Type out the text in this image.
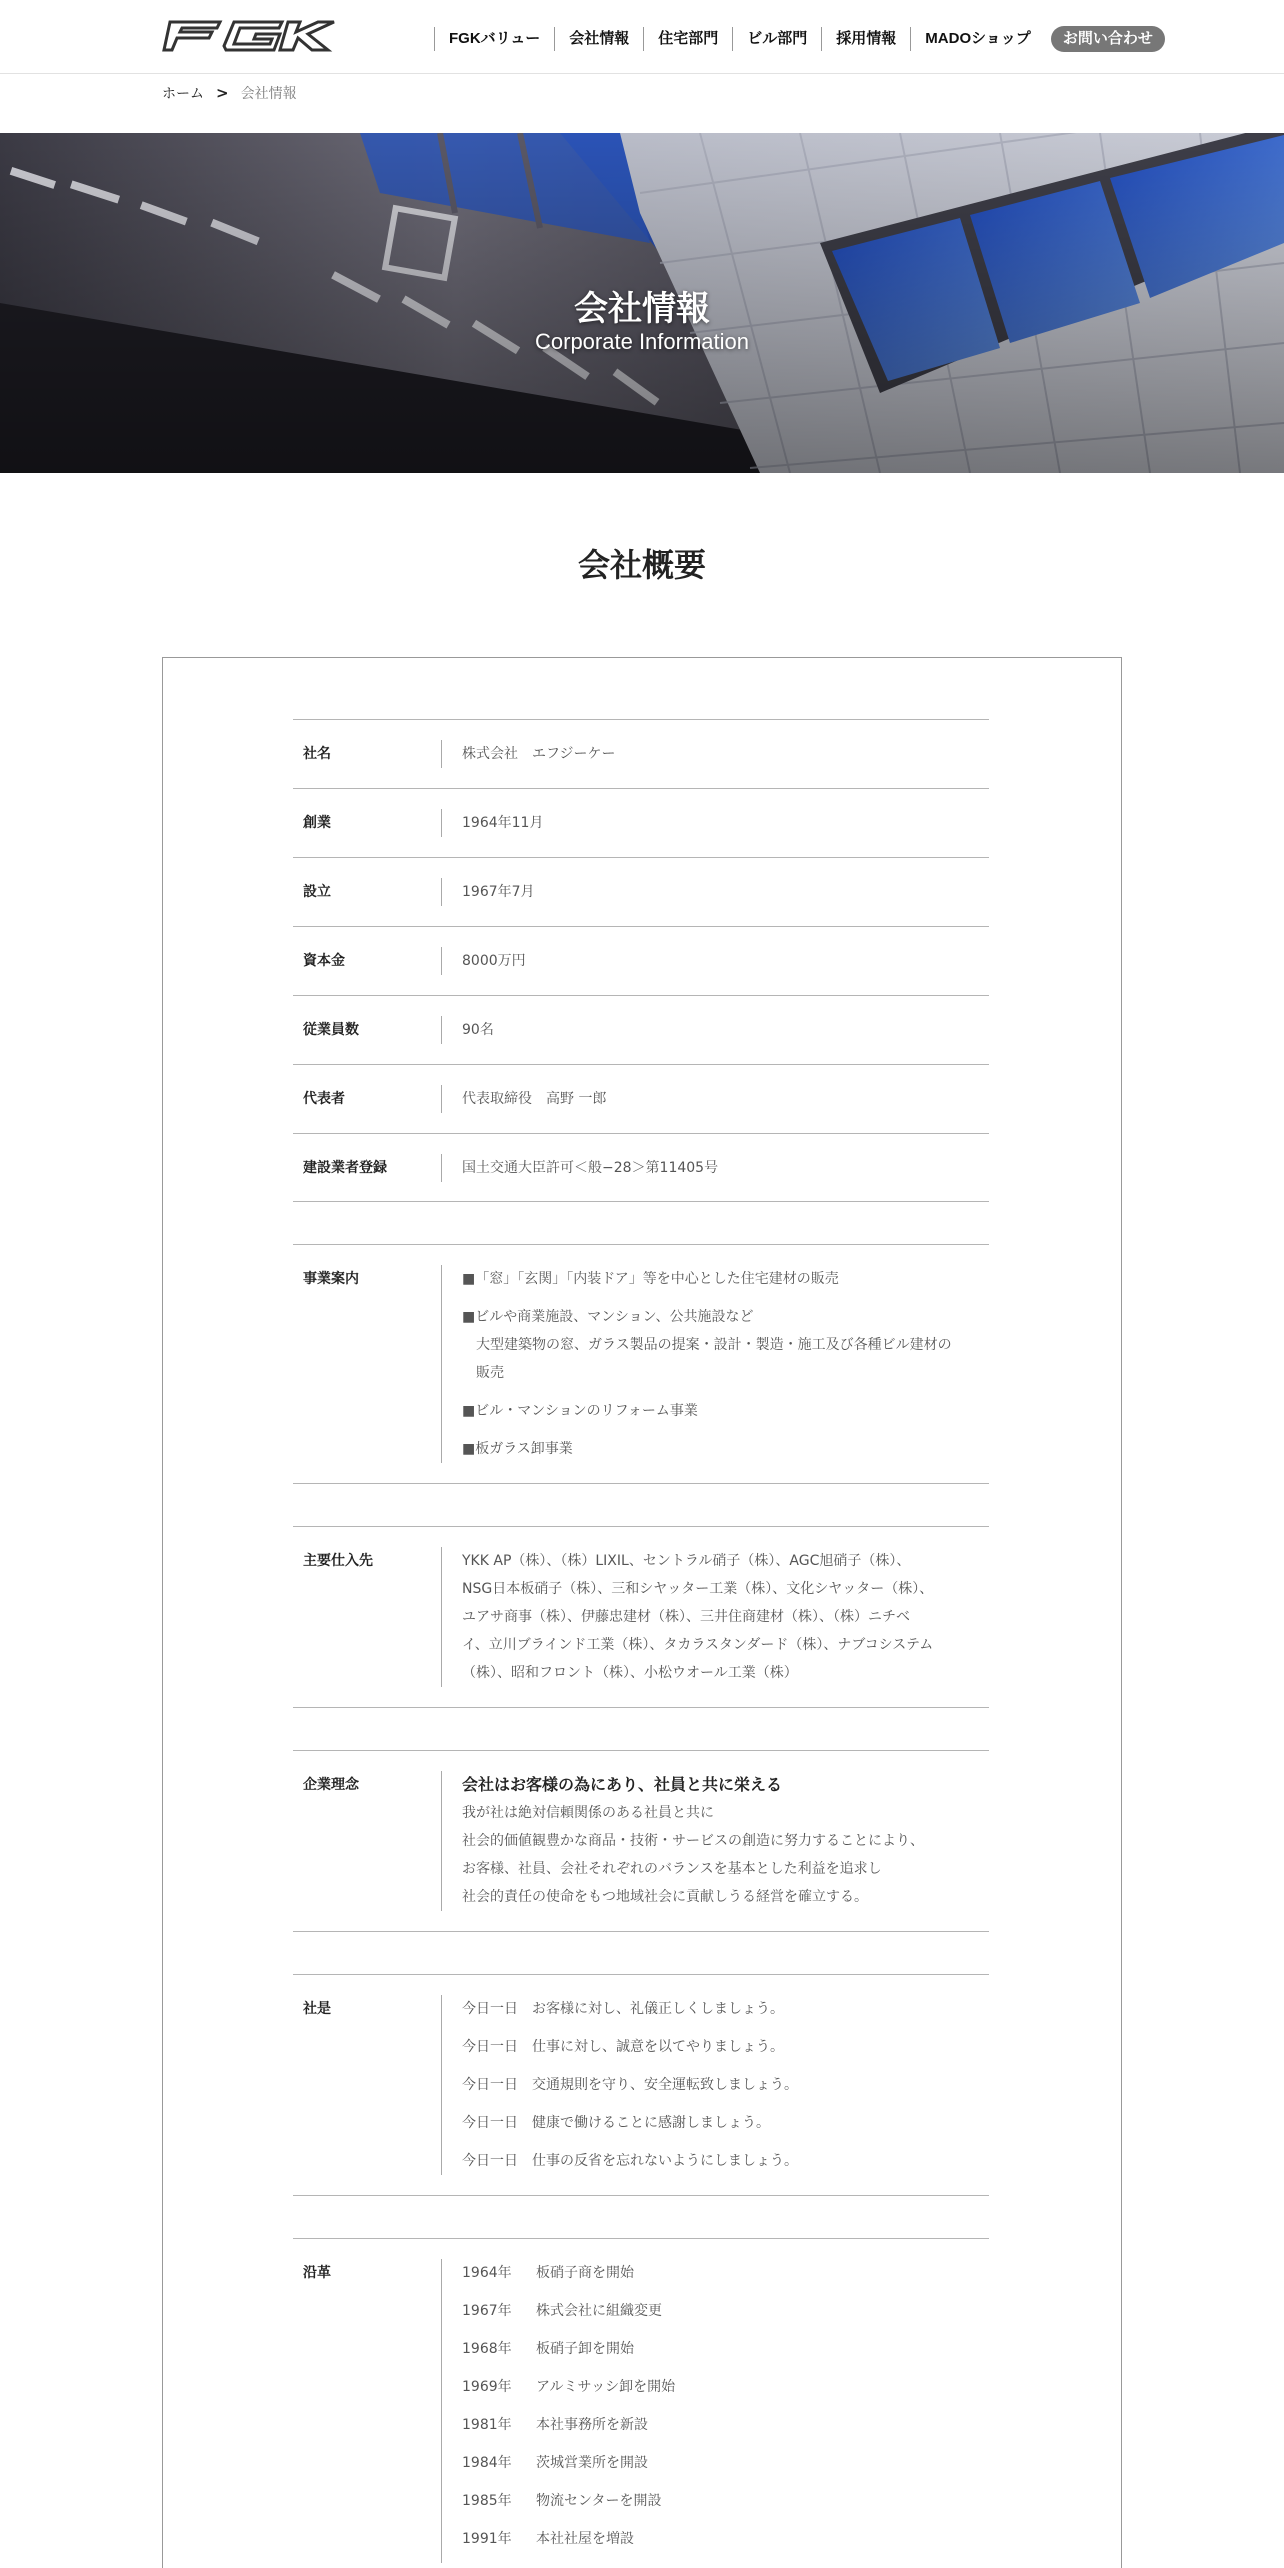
FGKバリュー	会社情報	住宅部門	ビル部門	採用情報	MADOショップ	お問い合わせ
ホーム > 会社情報
会社情報
Corporate Information
会社概要
社名	株式会社　エフジーケー
創業	1964年11月
設立	1967年7月
資本金	8000万円
従業員数	90名
代表者	代表取締役　高野 一郎
建設業者登録	国土交通大臣許可＜般−28＞第11405号
事業案内	■「窓」「玄関」「内装ドア」等を中心とした住宅建材の販売
■ビルや商業施設、マンション、公共施設など
大型建築物の窓、ガラス製品の提案・設計・製造・施工及び各種ビル建材の
販売
■ビル・マンションのリフォーム事業
■板ガラス卸事業
主要仕入先	YKK AP（株）、（株）LIXIL、セントラル硝子（株）、AGC旭硝子（株）、
NSG日本板硝子（株）、三和シヤッター工業（株）、文化シヤッター（株）、
ユアサ商事（株）、伊藤忠建材（株）、三井住商建材（株）、（株）ニチベ
イ、立川ブラインド工業（株）、タカラスタンダード（株）、ナブコシステム
（株）、昭和フロント（株）、小松ウオール工業（株）
企業理念	会社はお客様の為にあり、社員と共に栄える
我が社は絶対信頼関係のある社員と共に
社会的価値観豊かな商品・技術・サービスの創造に努力することにより、
お客様、社員、会社それぞれのバランスを基本とした利益を追求し
社会的責任の使命をもつ地域社会に貢献しうる経営を確立する。
社是	今日一日　お客様に対し、礼儀正しくしましょう。
今日一日　仕事に対し、誠意を以てやりましょう。
今日一日　交通規則を守り、安全運転致しましょう。
今日一日　健康で働けることに感謝しましょう。
今日一日　仕事の反省を忘れないようにしましょう。
沿革	1964年	板硝子商を開始
1967年	株式会社に組織変更
1968年	板硝子卸を開始
1969年	アルミサッシ卸を開始
1981年	本社事務所を新設
1984年	茨城営業所を開設
1985年	物流センターを開設
1991年	本社社屋を増設
